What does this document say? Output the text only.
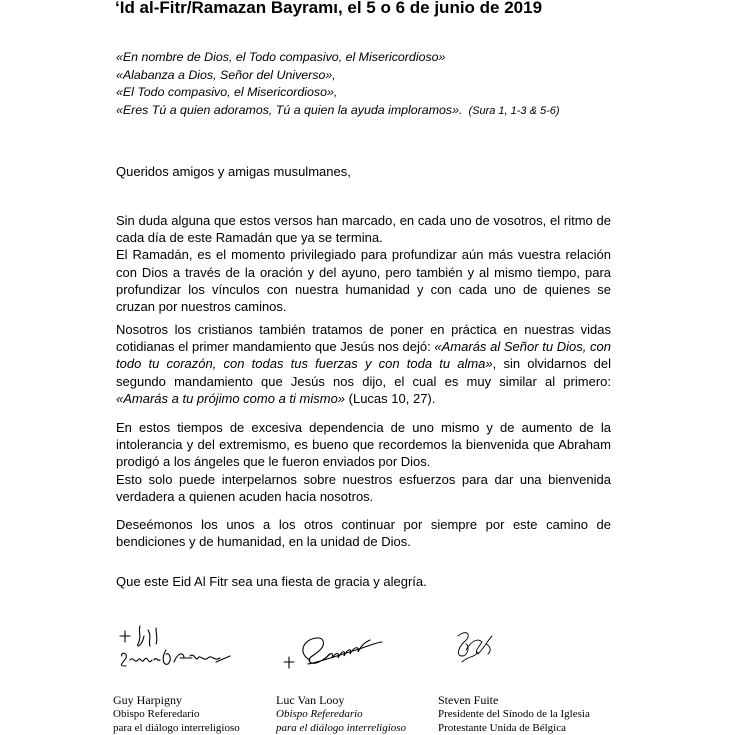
‘Id al-Fitr/Ramazan Bayramı, el 5 o 6 de junio de 2019
«En nombre de Dios, el Todo compasivo, el Misericordioso»
«Alabanza a Dios, Señor del Universo»,
«El Todo compasivo, el Misericordioso»,
«Eres Tú a quien adoramos, Tú a quien la ayuda imploramos». (Sura 1, 1-3 & 5-6)
Queridos amigos y amigas musulmanes,
Sin duda alguna que estos versos han marcado, en cada uno de vosotros, el ritmo de cada día de este Ramadán que ya se termina.
El Ramadán, es el momento privilegiado para profundizar aún más vuestra relación con Dios a través de la oración y del ayuno, pero también y al mismo tiempo, para profundizar los vínculos con nuestra humanidad y con cada uno de quienes se cruzan por nuestros caminos.
Nosotros los cristianos también tratamos de poner en práctica en nuestras vidas cotidianas el primer mandamiento que Jesús nos dejó: «Amarás al Señor tu Dios, con todo tu corazón, con todas tus fuerzas y con toda tu alma», sin olvidarnos del segundo mandamiento que Jesús nos dijo, el cual es muy similar al primero: «Amarás a tu prójimo como a ti mismo» (Lucas 10, 27).
En estos tiempos de excesiva dependencia de uno mismo y de aumento de la intolerancia y del extremismo, es bueno que recordemos la bienvenida que Abraham prodigó a los ángeles que le fueron enviados por Dios.
Esto solo puede interpelarnos sobre nuestros esfuerzos para dar una bienvenida verdadera a quienen acuden hacia nosotros.
Deseémonos los unos a los otros continuar por siempre por este camino de bendiciones y de humanidad, en la unidad de Dios.
Que este Eid Al Fitr sea una fiesta de gracia y alegría.
Guy Harpigny
Obispo Referedario
para el diálogo interreligioso
Luc Van Looy
Obispo Referedario
para el diálogo interreligioso
Steven Fuite
Presidente del Sínodo de la Iglesia
Protestante Unida de Bélgica
